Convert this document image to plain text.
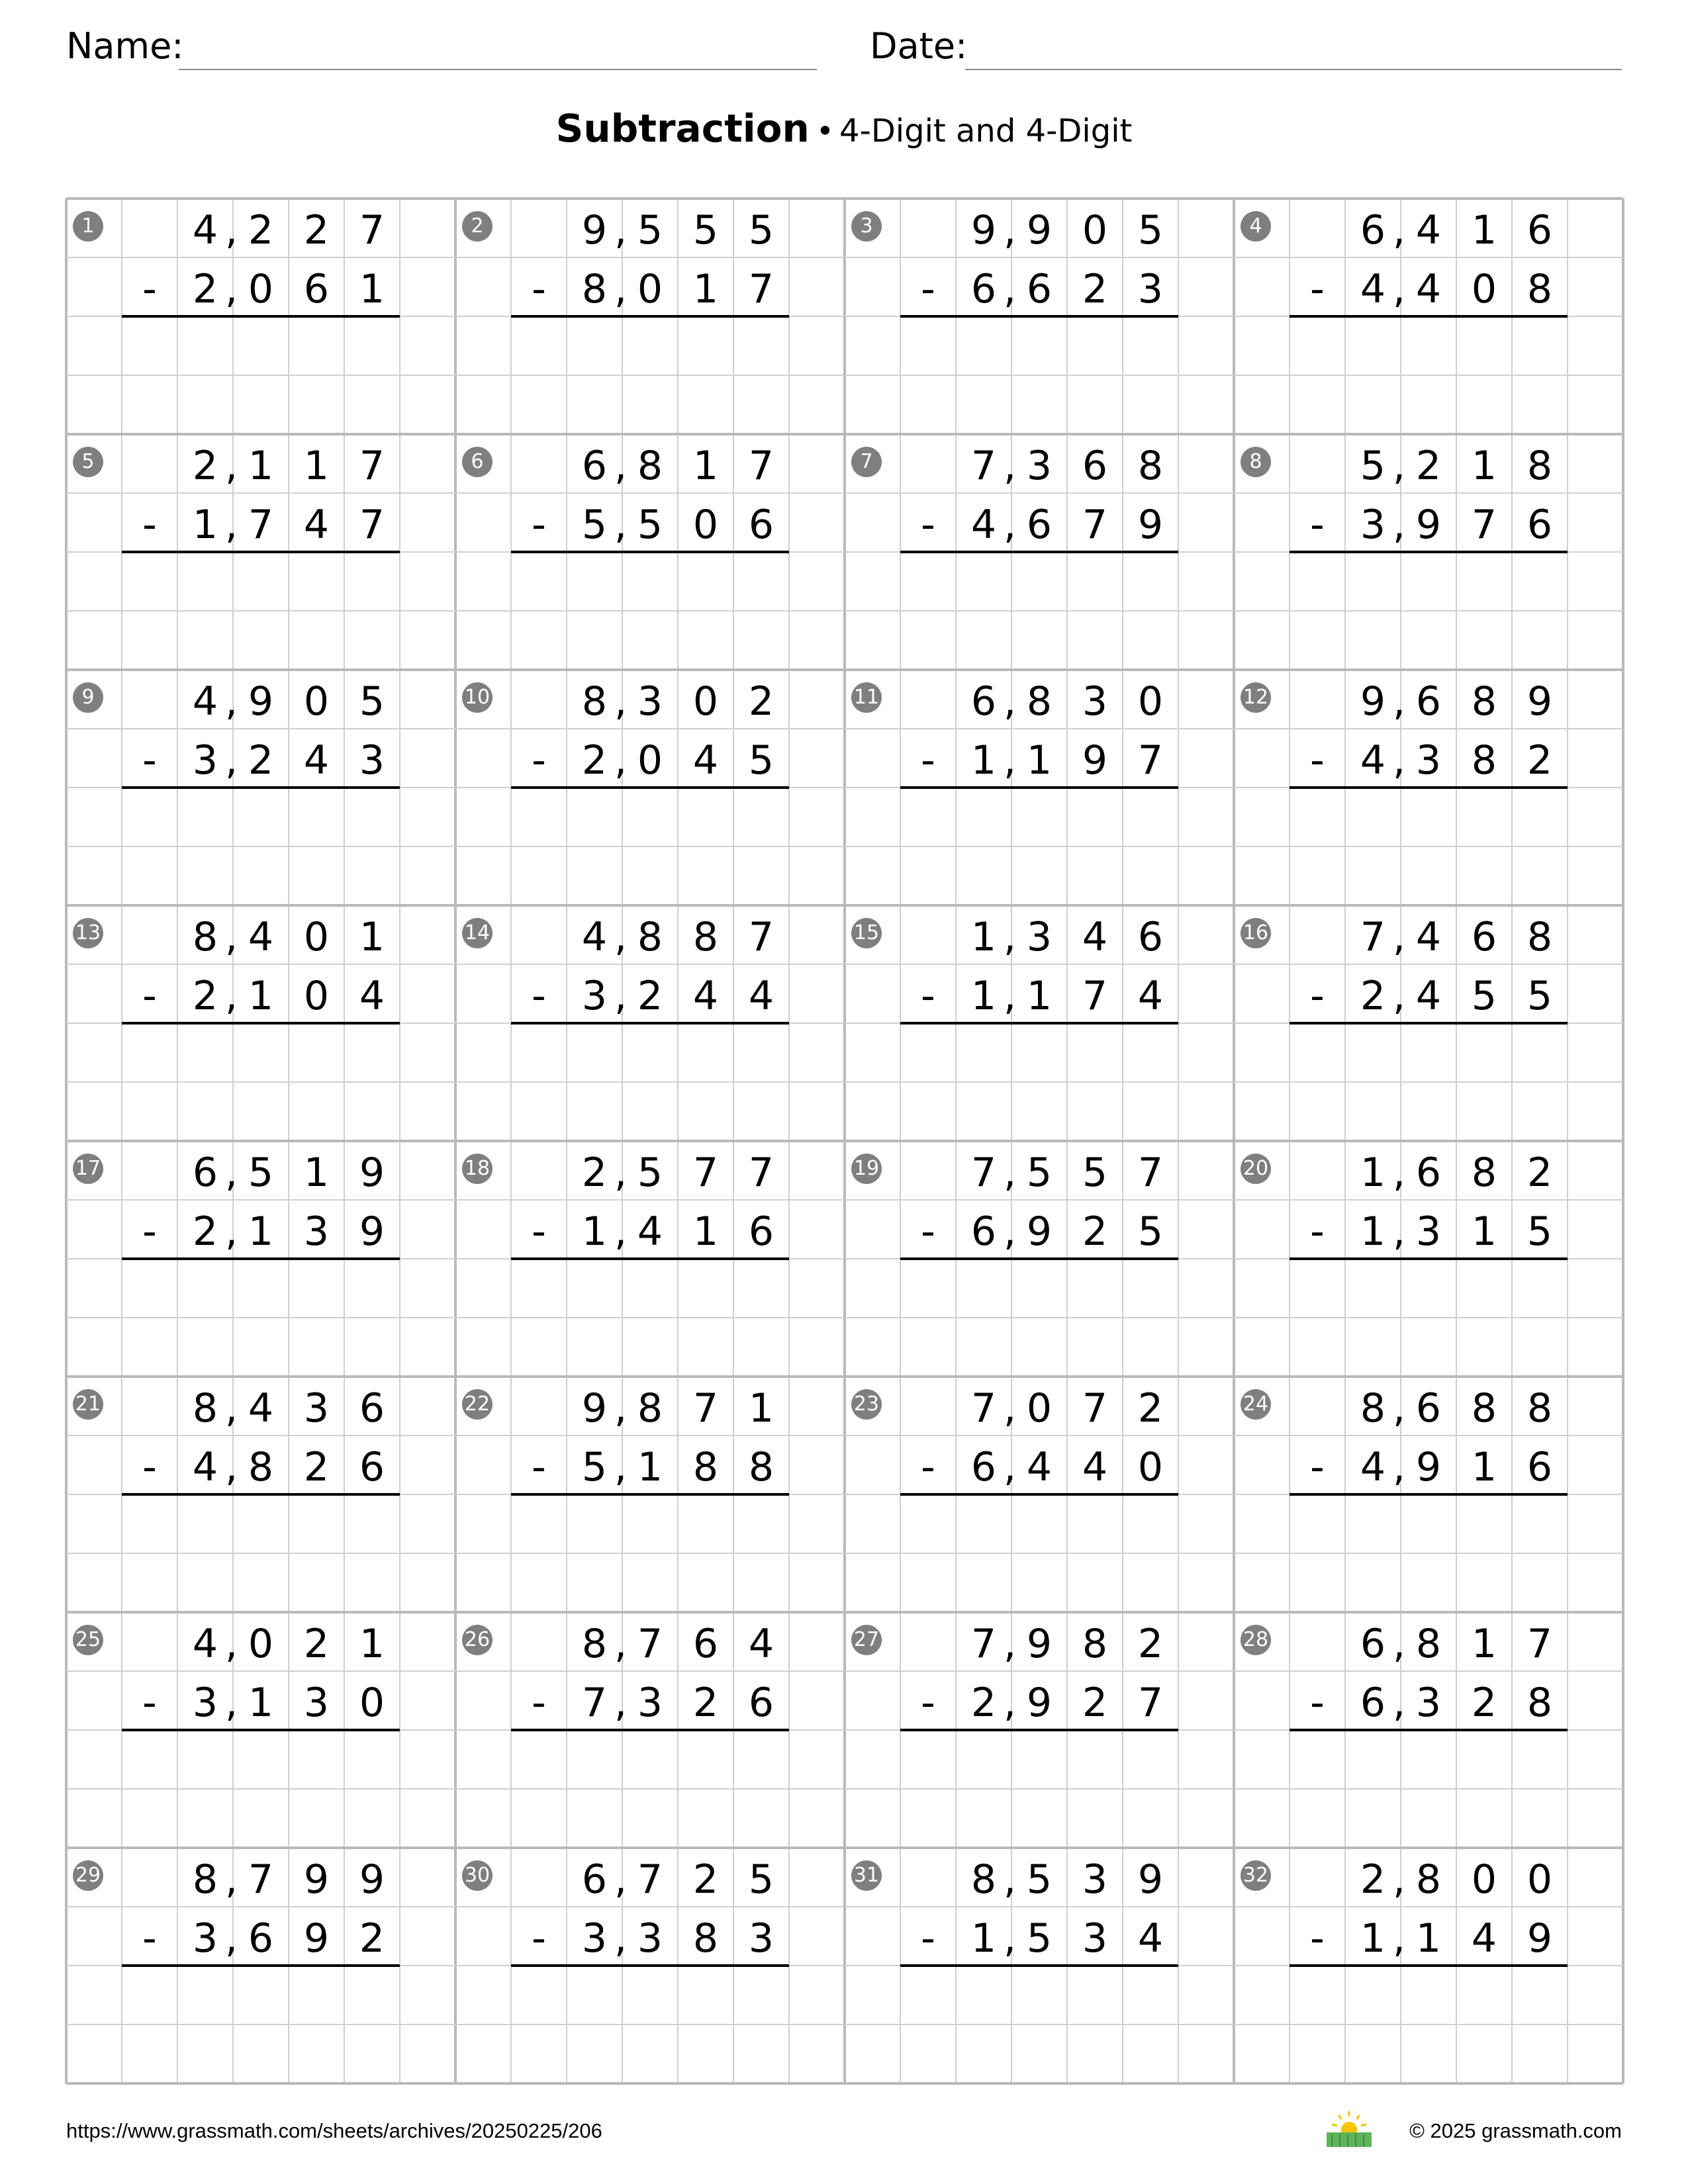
Name:	Date:
Subtraction • 4-Digit and 4-Digit
1	4 2 2 7
,
2 0 6 1
,
-
2	9 5 5 5
,
8 0 1 7
,
-
3	9 9 0 5
,
6 6 2 3
,
-
4	6 4 1 6
,
4 4 0 8
,
-
5	2 1 1 7
,
1 7 4 7
,
-
6	6 8 1 7
,
5 5 0 6
,
-
7	7 3 6 8
,
4 6 7 9
,
-
8	5 2 1 8
,
3 9 7 6
,
-
9	4 9 0 5
,
3 2 4 3
,
-
10	8 3 0 2
,
2 0 4 5
,
-
11	6 8 3 0
,
1 1 9 7
,
-
12	9 6 8 9
,
4 3 8 2
,
-
13	8 4 0 1
,
2 1 0 4
,
-
14	4 8 8 7
,
3 2 4 4
,
-
15	1 3 4 6
,
1 1 7 4
,
-
16	7 4 6 8
,
2 4 5 5
,
-
17	6 5 1 9
,
2 1 3 9
,
-
18	2 5 7 7
,
1 4 1 6
,
-
19	7 5 5 7
,
6 9 2 5
,
-
20	1 6 8 2
,
1 3 1 5
,
-
21	8 4 3 6
,
4 8 2 6
,
-
22	9 8 7 1
,
5 1 8 8
,
-
23	7 0 7 2
,
6 4 4 0
,
-
24	8 6 8 8
,
4 9 1 6
,
-
25	4 0 2 1
,
3 1 3 0
,
-
26	8 7 6 4
,
7 3 2 6
,
-
27	7 9 8 2
,
2 9 2 7
,
-
28	6 8 1 7
,
6 3 2 8
,
-
29	8 7 9 9
,
3 6 9 2
,
-
30	6 7 2 5
,
3 3 8 3
,
-
31	8 5 3 9
,
1 5 3 4
,
-
32	2 8 0 0
,
1 1 4 9
,
-
https://www.grassmath.com/sheets/archives/20250225/206	© 2025 grassmath.com
